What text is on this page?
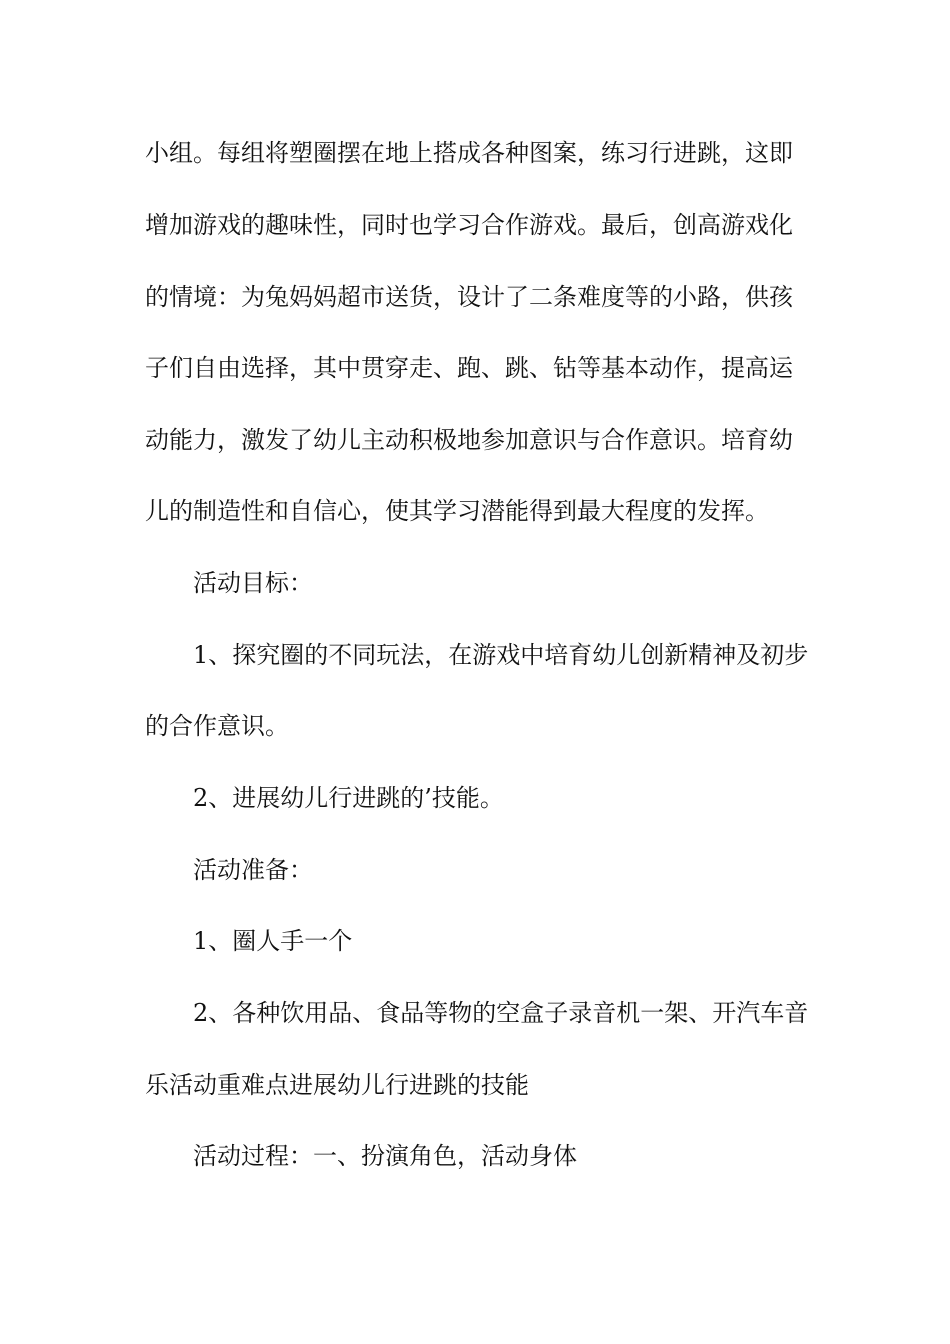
小组。每组将塑圈摆在地上搭成各种图案，练习行进跳，这即
增加游戏的趣味性，同时也学习合作游戏。最后，创高游戏化
的情境：为兔妈妈超市送货，设计了二条难度等的小路，供孩
子们自由选择，其中贯穿走、跑、跳、钻等基本动作，提高运
动能力，激发了幼儿主动积极地参加意识与合作意识。培育幼
儿的制造性和自信心，使其学习潜能得到最大程度的发挥。
活动目标：
1、探究圈的不同玩法，在游戏中培育幼儿创新精神及初步
的合作意识。
2、进展幼儿行进跳的’技能。
活动准备：
1、圈人手一个
2、各种饮用品、食品等物的空盒子录音机一架、开汽车音
乐活动重难点进展幼儿行进跳的技能
活动过程：一、扮演角色，活动身体
